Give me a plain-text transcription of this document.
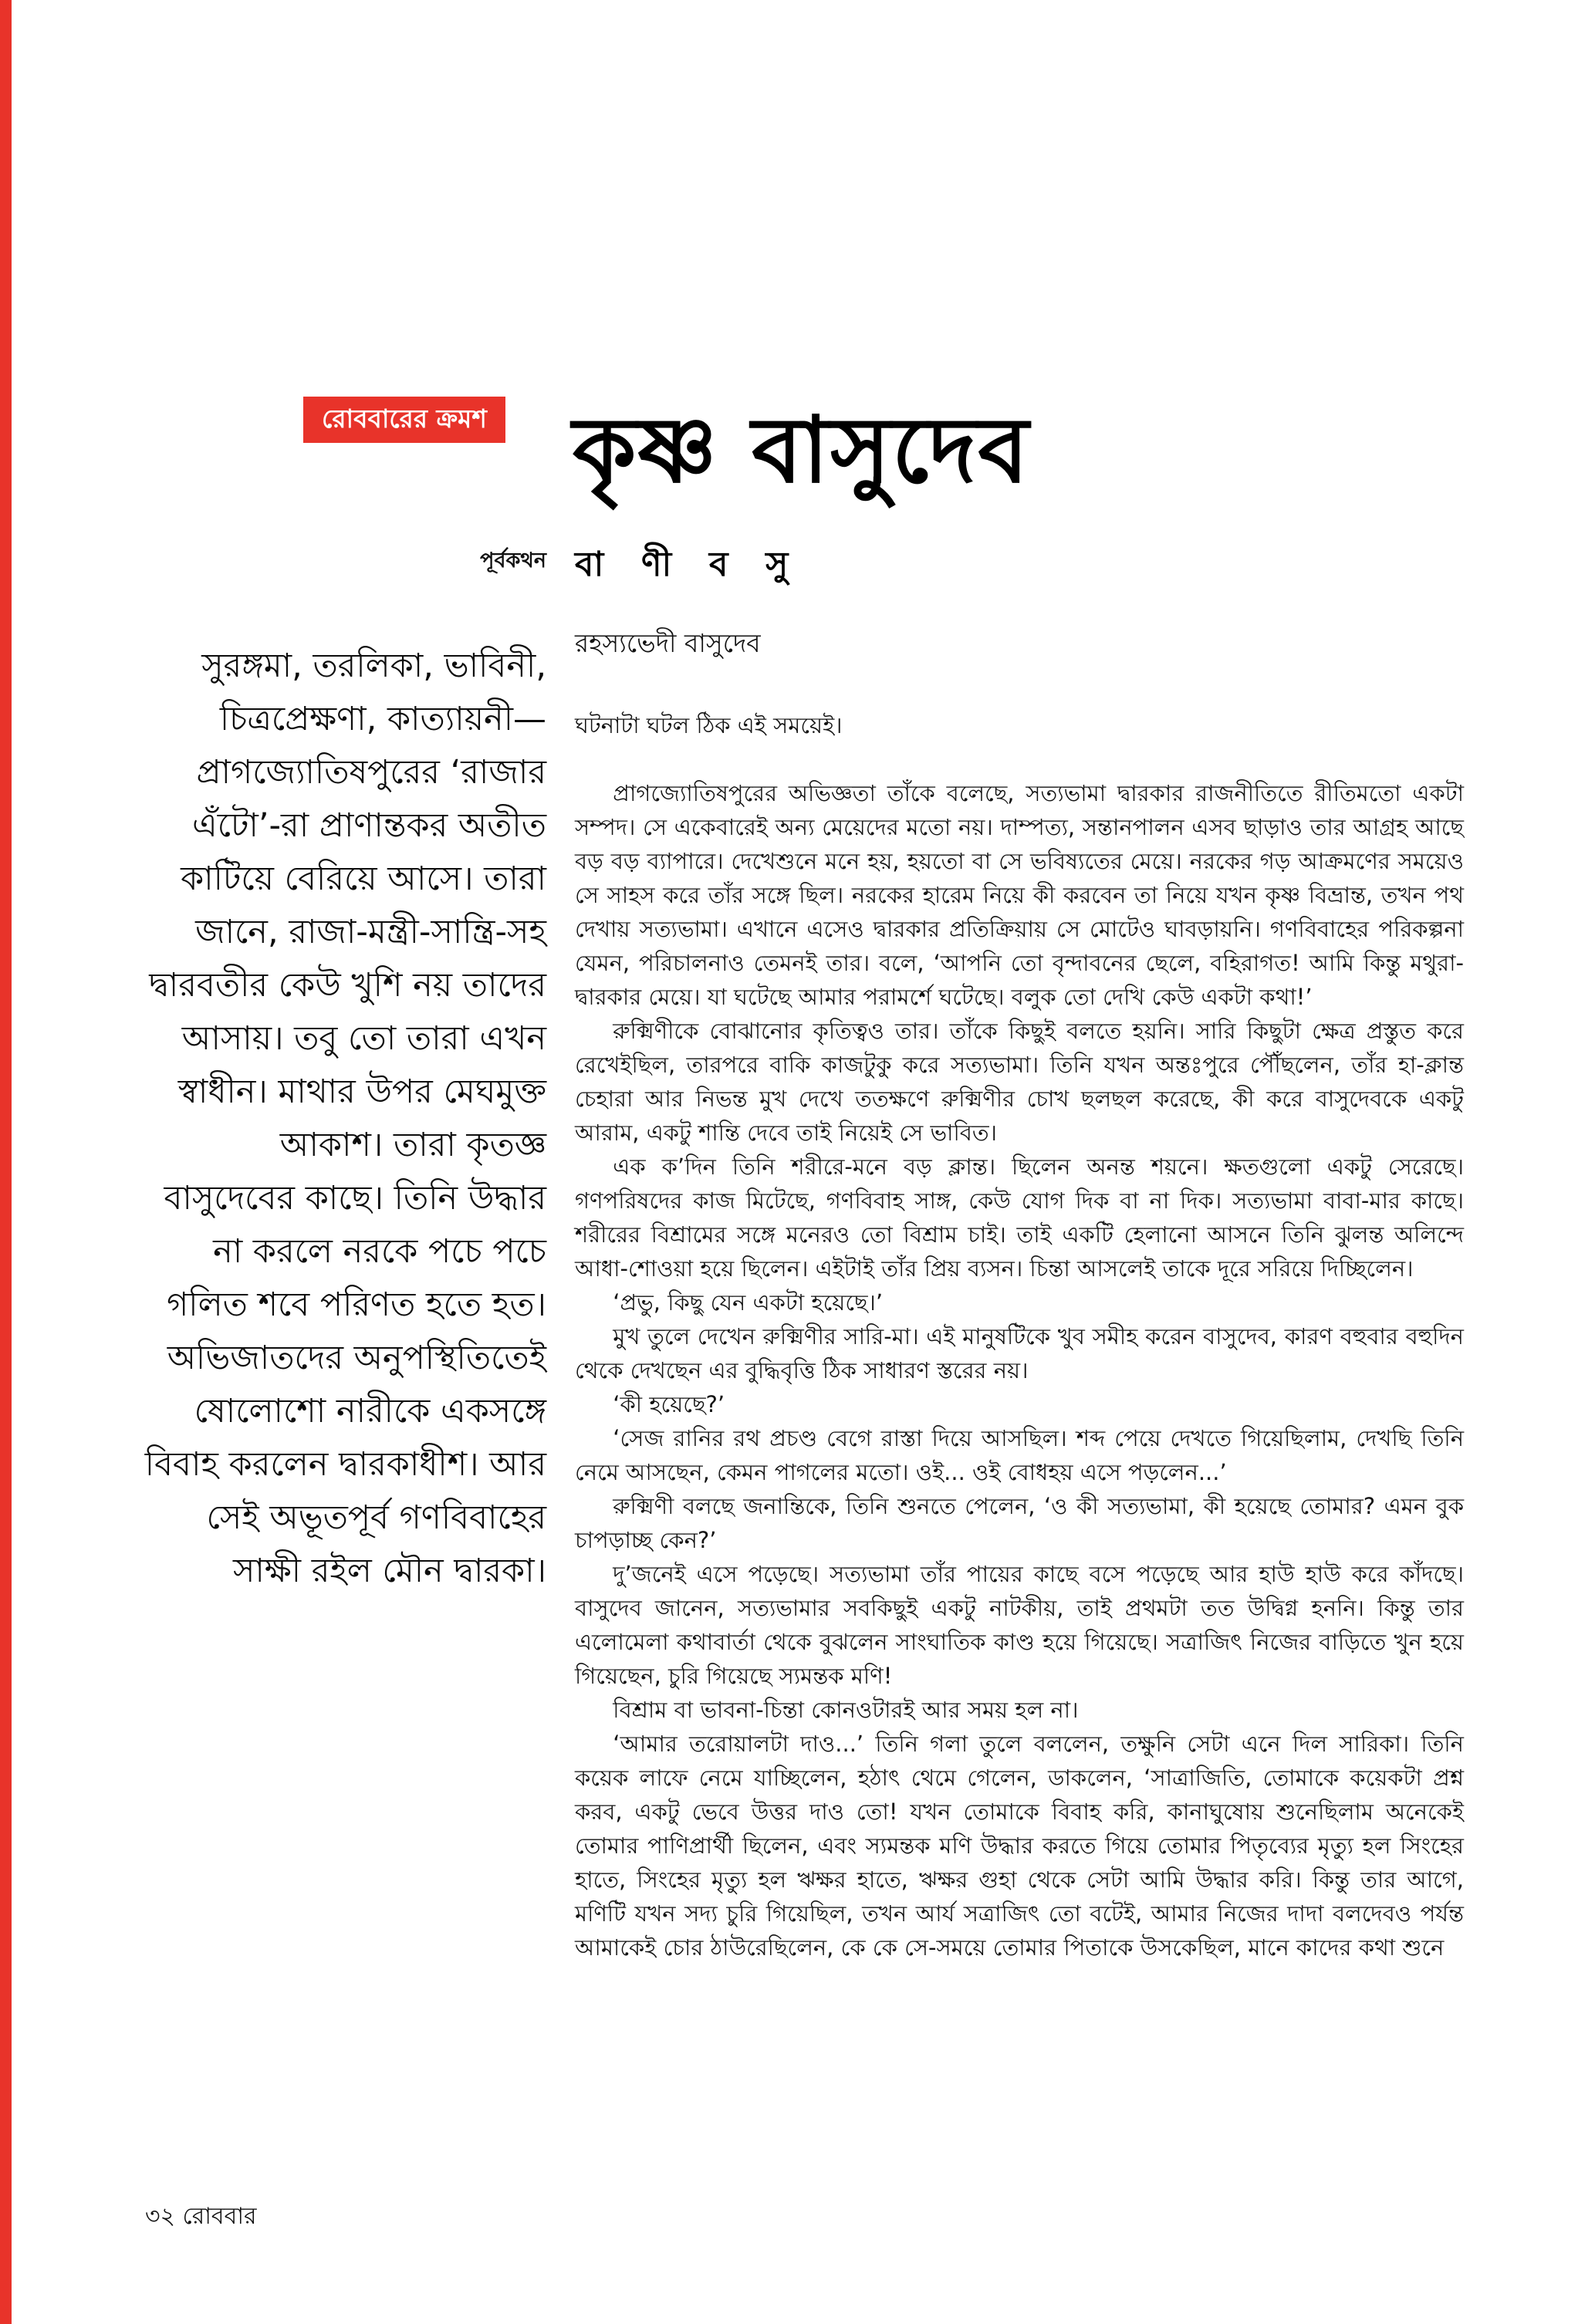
রোববারের ক্রমশ কৃষ্ণ বাসুদেব
বা ণী ব সু
রহস্যভেদী বাসুদেব
পূর্বকথন
সুরঙ্গমা, তরলিকা, ভাবিনী, চিত্রপ্রেক্ষণা, কাত্যায়নী— প্রাগজ্যোতিষপুরের ‘রাজার এঁটো’-রা প্রাণান্তকর অতীত কাটিয়ে বেরিয়ে আসে। তারা জানে, রাজা-মন্ত্রী-সান্ত্রি-সহ দ্বারবতীর কেউ খুশি নয় তাদের আসায়। তবু তো তারা এখন স্বাধীন। মাথার উপর মেঘমুক্ত আকাশ। তারা কৃতজ্ঞ বাসুদেবের কাছে। তিনি উদ্ধার না করলে নরকে পচে পচে গলিত শবে পরিণত হতে হত। অভিজাতদের অনুপস্থিতিতেই ষোলোশো নারীকে একসঙ্গে বিবাহ করলেন দ্বারকাধীশ। আর সেই অভূতপূর্ব গণবিবাহের সাক্ষী রইল মৌন দ্বারকা।

ঘটনাটা ঘটল ঠিক এই সময়েই।

প্রাগজ্যোতিষপুরের অভিজ্ঞতা তাঁকে বলেছে, সত্যভামা দ্বারকার রাজনীতিতে রীতিমতো একটা সম্পদ। সে একেবারেই অন্য মেয়েদের মতো নয়। দাম্পত্য, সন্তানপালন এসব ছাড়াও তার আগ্রহ আছে বড় বড় ব্যাপারে। দেখেশুনে মনে হয়, হয়তো বা সে ভবিষ্যতের মেয়ে। নরকের গড় আক্রমণের সময়েও সে সাহস করে তাঁর সঙ্গে ছিল। নরকের হারেম নিয়ে কী করবেন তা নিয়ে যখন কৃষ্ণ বিভ্রান্ত, তখন পথ দেখায় সত্যভামা। এখানে এসেও দ্বারকার প্রতিক্রিয়ায় সে মোটেও ঘাবড়ায়নি। গণবিবাহের পরিকল্পনা যেমন, পরিচালনাও তেমনই তার। বলে, ‘আপনি তো বৃন্দাবনের ছেলে, বহিরাগত! আমি কিন্তু মথুরা-দ্বারকার মেয়ে। যা ঘটেছে আমার পরামর্শে ঘটেছে। বলুক তো দেখি কেউ একটা কথা!’

রুক্মিণীকে বোঝানোর কৃতিত্বও তার। তাঁকে কিছুই বলতে হয়নি। সারি কিছুটা ক্ষেত্র প্রস্তুত করে রেখেইছিল, তারপরে বাকি কাজটুকু করে সত্যভামা। তিনি যখন অন্তঃপুরে পৌঁছলেন, তাঁর হা-ক্লান্ত চেহারা আর নিভন্ত মুখ দেখে ততক্ষণে রুক্মিণীর চোখ ছলছল করেছে, কী করে বাসুদেবকে একটু আরাম, একটু শান্তি দেবে তাই নিয়েই সে ভাবিত।

এক ক’দিন তিনি শরীরে-মনে বড় ক্লান্ত। ছিলেন অনন্ত শয়নে। ক্ষতগুলো একটু সেরেছে। গণপরিষদের কাজ মিটেছে, গণবিবাহ সাঙ্গ, কেউ যোগ দিক বা না দিক। সত্যভামা বাবা-মার কাছে। শরীরের বিশ্রামের সঙ্গে মনেরও তো বিশ্রাম চাই। তাই একটি হেলানো আসনে তিনি ঝুলন্ত অলিন্দে আধা-শোওয়া হয়ে ছিলেন। এইটাই তাঁর প্রিয় ব্যসন। চিন্তা আসলেই তাকে দূরে সরিয়ে দিচ্ছিলেন।

‘প্রভু, কিছু যেন একটা হয়েছে।’

মুখ তুলে দেখেন রুক্মিণীর সারি-মা। এই মানুষটিকে খুব সমীহ করেন বাসুদেব, কারণ বহুবার বহুদিন থেকে দেখছেন এর বুদ্ধিবৃত্তি ঠিক সাধারণ স্তরের নয়।

‘কী হয়েছে?’

‘সেজ রানির রথ প্রচণ্ড বেগে রাস্তা দিয়ে আসছিল। শব্দ পেয়ে দেখতে গিয়েছিলাম, দেখছি তিনি নেমে আসছেন, কেমন পাগলের মতো। ওই... ওই বোধহয় এসে পড়লেন...’

রুক্মিণী বলছে জনান্তিকে, তিনি শুনতে পেলেন, ‘ও কী সত্যভামা, কী হয়েছে তোমার? এমন বুক চাপড়াচ্ছ কেন?’

দু’জনেই এসে পড়েছে। সত্যভামা তাঁর পায়ের কাছে বসে পড়েছে আর হাউ হাউ করে কাঁদছে। বাসুদেব জানেন, সত্যভামার সবকিছুই একটু নাটকীয়, তাই প্রথমটা তত উদ্বিগ্ন হননি। কিন্তু তার এলোমেলা কথাবার্তা থেকে বুঝলেন সাংঘাতিক কাণ্ড হয়ে গিয়েছে। সত্রাজিৎ নিজের বাড়িতে খুন হয়ে গিয়েছেন, চুরি গিয়েছে স্যমন্তক মণি!

বিশ্রাম বা ভাবনা-চিন্তা কোনওটারই আর সময় হল না।

‘আমার তরোয়ালটা দাও...’ তিনি গলা তুলে বললেন, তক্ষুনি সেটা এনে দিল সারিকা। তিনি কয়েক লাফে নেমে যাচ্ছিলেন, হঠাৎ থেমে গেলেন, ডাকলেন, ‘সাত্রাজিতি, তোমাকে কয়েকটা প্রশ্ন করব, একটু ভেবে উত্তর দাও তো! যখন তোমাকে বিবাহ করি, কানাঘুষোয় শুনেছিলাম অনেকেই তোমার পাণিপ্রার্থী ছিলেন, এবং স্যমন্তক মণি উদ্ধার করতে গিয়ে তোমার পিতৃব্যের মৃত্যু হল সিংহের হাতে, সিংহের মৃত্যু হল ঋক্ষর হাতে, ঋক্ষর গুহা থেকে সেটা আমি উদ্ধার করি। কিন্তু তার আগে, মণিটি যখন সদ্য চুরি গিয়েছিল, তখন আর্য সত্রাজিৎ তো বটেই, আমার নিজের দাদা বলদেবও পর্যন্ত আমাকেই চোর ঠাউরেছিলেন, কে কে সে-সময়ে তোমার পিতাকে উসকেছিল, মানে কাদের কথা শুনে

৩২ রোববার
